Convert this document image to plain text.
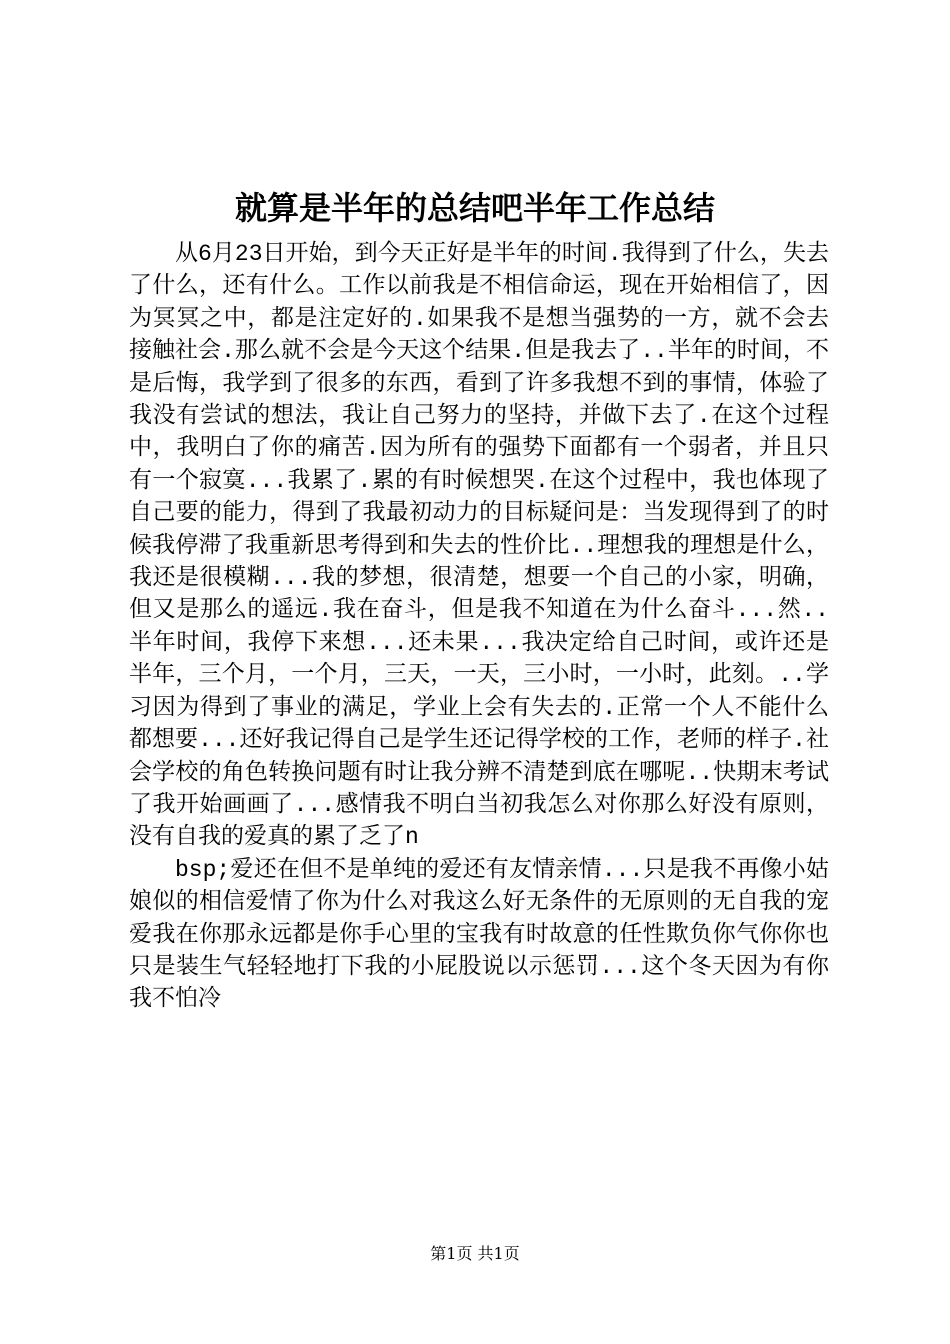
就算是半年的总结吧半年工作总结

从6月23日开始，到今天正好是半年的时间.我得到了什么，失去了什么，还有什么。工作以前我是不相信命运，现在开始相信了，因为冥冥之中，都是注定好的.如果我不是想当强势的一方，就不会去接触社会.那么就不会是今天这个结果.但是我去了..半年的时间，不是后悔，我学到了很多的东西，看到了许多我想不到的事情，体验了我没有尝试的想法，我让自己努力的坚持，并做下去了.在这个过程中，我明白了你的痛苦.因为所有的强势下面都有一个弱者，并且只有一个寂寞...我累了.累的有时候想哭.在这个过程中，我也体现了自己要的能力，得到了我最初动力的目标疑问是：当发现得到了的时候我停滞了我重新思考得到和失去的性价比..理想我的理想是什么，我还是很模糊...我的梦想，很清楚，想要一个自己的小家，明确，但又是那么的遥远.我在奋斗，但是我不知道在为什么奋斗...然..半年时间，我停下来想...还未果...我决定给自己时间，或许还是半年，三个月，一个月，三天，一天，三小时，一小时，此刻。..学习因为得到了事业的满足，学业上会有失去的.正常一个人不能什么都想要...还好我记得自己是学生还记得学校的工作，老师的样子.社会学校的角色转换问题有时让我分辨不清楚到底在哪呢..快期末考试了我开始画画了...感情我不明白当初我怎么对你那么好没有原则，没有自我的爱真的累了乏了n

bsp;爱还在但不是单纯的爱还有友情亲情...只是我不再像小姑娘似的相信爱情了你为什么对我这么好无条件的无原则的无自我的宠爱我在你那永远都是你手心里的宝我有时故意的任性欺负你气你你也只是装生气轻轻地打下我的小屁股说以示惩罚...这个冬天因为有你我不怕冷

第1页 共1页
